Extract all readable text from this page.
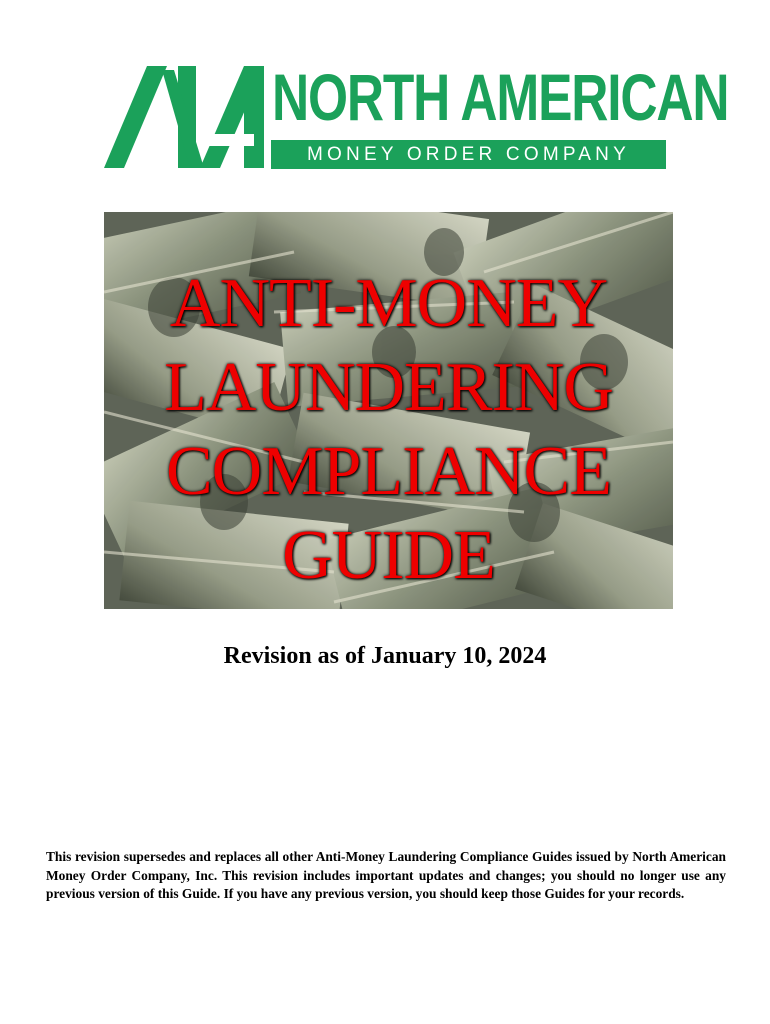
NORTH AMERICAN
MONEY ORDER COMPANY
ANTI-MONEY
LAUNDERING
COMPLIANCE
GUIDE
Revision as of January 10, 2024
This revision supersedes and replaces all other Anti-Money Laundering Compliance Guides issued by North American Money Order Company, Inc. This revision includes important updates and changes; you should no longer use any previous version of this Guide. If you have any previous version, you should keep those Guides for your records.
